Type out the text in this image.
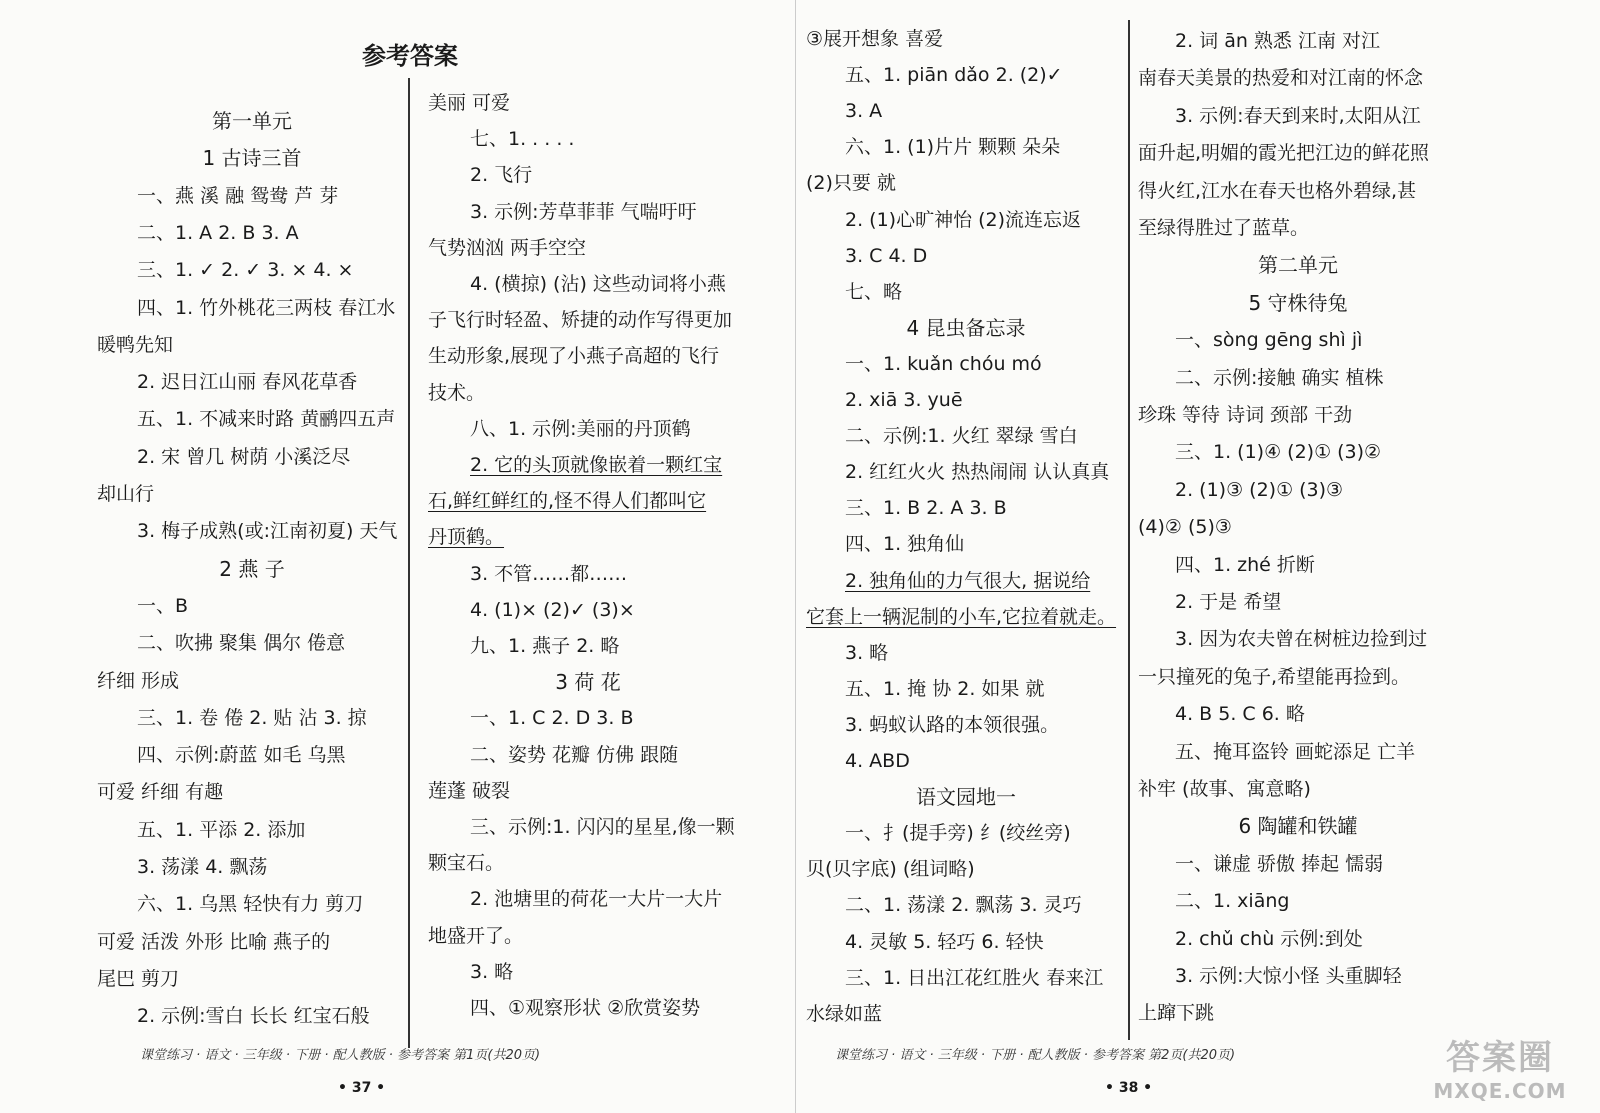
参考答案
第一单元
1 古诗三首
一、燕 溪 融 鸳鸯 芦 芽
二、1. A 2. B 3. A
三、1. ✓ 2. ✓ 3. × 4. ×
四、1. 竹外桃花三两枝 春江水
暖鸭先知
2. 迟日江山丽 春风花草香
五、1. 不减来时路 黄鹂四五声
2. 宋 曾几 树荫 小溪泛尽
却山行
3. 梅子成熟(或:江南初夏) 天气
2 燕 子
一、B
二、吹拂 聚集 偶尔 倦意
纤细 形成
三、1. 卷 倦 2. 贴 沾 3. 掠
四、示例:蔚蓝 如毛 乌黑
可爱 纤细 有趣
五、1. 平添 2. 添加
3. 荡漾 4. 飘荡
六、1. 乌黑 轻快有力 剪刀
可爱 活泼 外形 比喻 燕子的
尾巴 剪刀
2. 示例:雪白 长长 红宝石般
美丽 可爱
七、1. . . . .
2. 飞行
3. 示例:芳草菲菲 气喘吁吁
气势汹汹 两手空空
4. (横掠) (沾) 这些动词将小燕
子飞行时轻盈、矫捷的动作写得更加
生动形象,展现了小燕子高超的飞行
技术。
八、1. 示例:美丽的丹顶鹤
2. 它的头顶就像嵌着一颗红宝
石,鲜红鲜红的,怪不得人们都叫它
丹顶鹤。
3. 不管……都……
4. (1)× (2)✓ (3)×
九、1. 燕子 2. 略
3 荷 花
一、1. C 2. D 3. B
二、姿势 花瓣 仿佛 跟随
莲蓬 破裂
三、示例:1. 闪闪的星星,像一颗
颗宝石。
2. 池塘里的荷花一大片一大片
地盛开了。
3. 略
四、①观察形状 ②欣赏姿势
课堂练习 · 语文 · 三年级 · 下册 · 配人教版 · 参考答案 第1页(共20页)
• 37 •
③展开想象 喜爱
五、1. piān dǎo 2. (2)✓
3. A
六、1. (1)片片 颗颗 朵朵
(2)只要 就
2. (1)心旷神怡 (2)流连忘返
3. C 4. D
七、略
4 昆虫备忘录
一、1. kuǎn chóu mó
2. xiā 3. yuē
二、示例:1. 火红 翠绿 雪白
2. 红红火火 热热闹闹 认认真真
三、1. B 2. A 3. B
四、1. 独角仙
2. 独角仙的力气很大, 据说给
它套上一辆泥制的小车,它拉着就走。
3. 略
五、1. 掩 协 2. 如果 就
3. 蚂蚁认路的本领很强。
4. ABD
语文园地一
一、扌(提手旁) 纟(绞丝旁)
贝(贝字底) (组词略)
二、1. 荡漾 2. 飘荡 3. 灵巧
4. 灵敏 5. 轻巧 6. 轻快
三、1. 日出江花红胜火 春来江
水绿如蓝
2. 词 ān 熟悉 江南 对江
南春天美景的热爱和对江南的怀念
3. 示例:春天到来时,太阳从江
面升起,明媚的霞光把江边的鲜花照
得火红,江水在春天也格外碧绿,甚
至绿得胜过了蓝草。
第二单元
5 守株待兔
一、sòng gēng shì jì
二、示例:接触 确实 植株
珍珠 等待 诗词 颈部 干劲
三、1. (1)④ (2)① (3)②
2. (1)③ (2)① (3)③
(4)② (5)③
四、1. zhé 折断
2. 于是 希望
3. 因为农夫曾在树桩边捡到过
一只撞死的兔子,希望能再捡到。
4. B 5. C 6. 略
五、掩耳盗铃 画蛇添足 亡羊
补牢 (故事、寓意略)
6 陶罐和铁罐
一、谦虚 骄傲 捧起 懦弱
二、1. xiāng
2. chǔ chù 示例:到处
3. 示例:大惊小怪 头重脚轻
上蹿下跳
课堂练习 · 语文 · 三年级 · 下册 · 配人教版 · 参考答案 第2页(共20页)
• 38 •
答案圈
MXQE.COM
